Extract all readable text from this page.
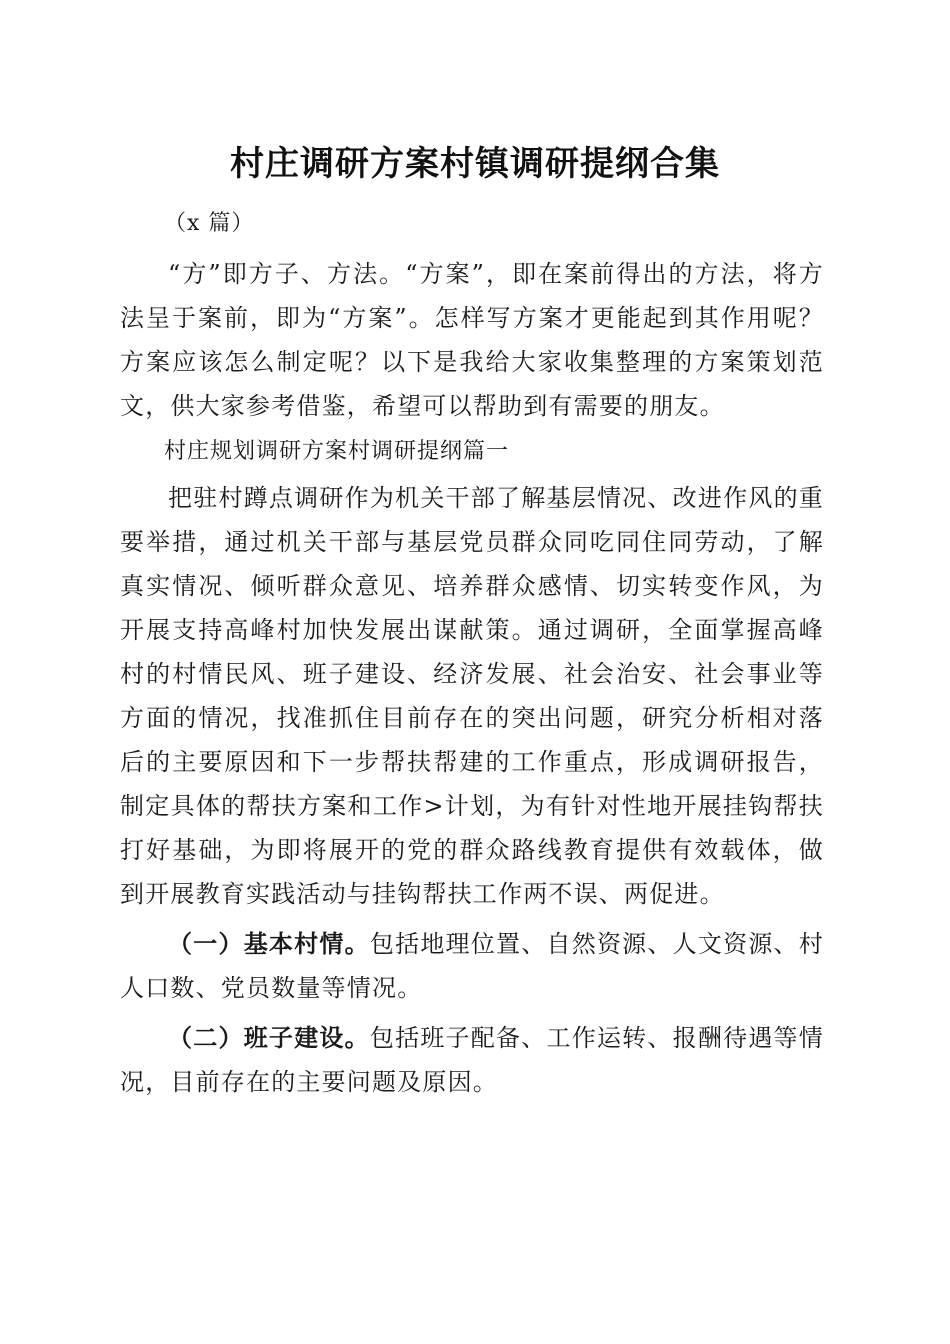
村庄调研方案村镇调研提纲合集

（x 篇）

“方”即方子、方法。“方案”，即在案前得出的方法，将方法呈于案前，即为“方案”。怎样写方案才更能起到其作用呢？方案应该怎么制定呢？以下是我给大家收集整理的方案策划范文，供大家参考借鉴，希望可以帮助到有需要的朋友。

村庄规划调研方案村调研提纲篇一

把驻村蹲点调研作为机关干部了解基层情况、改进作风的重要举措，通过机关干部与基层党员群众同吃同住同劳动，了解真实情况、倾听群众意见、培养群众感情、切实转变作风，为开展支持高峰村加快发展出谋献策。通过调研，全面掌握高峰村的村情民风、班子建设、经济发展、社会治安、社会事业等方面的情况，找准抓住目前存在的突出问题，研究分析相对落后的主要原因和下一步帮扶帮建的工作重点，形成调研报告，制定具体的帮扶方案和工作>计划，为有针对性地开展挂钩帮扶打好基础，为即将展开的党的群众路线教育提供有效载体，做到开展教育实践活动与挂钩帮扶工作两不误、两促进。

（一）基本村情。包括地理位置、自然资源、人文资源、村人口数、党员数量等情况。

（二）班子建设。包括班子配备、工作运转、报酬待遇等情况，目前存在的主要问题及原因。
